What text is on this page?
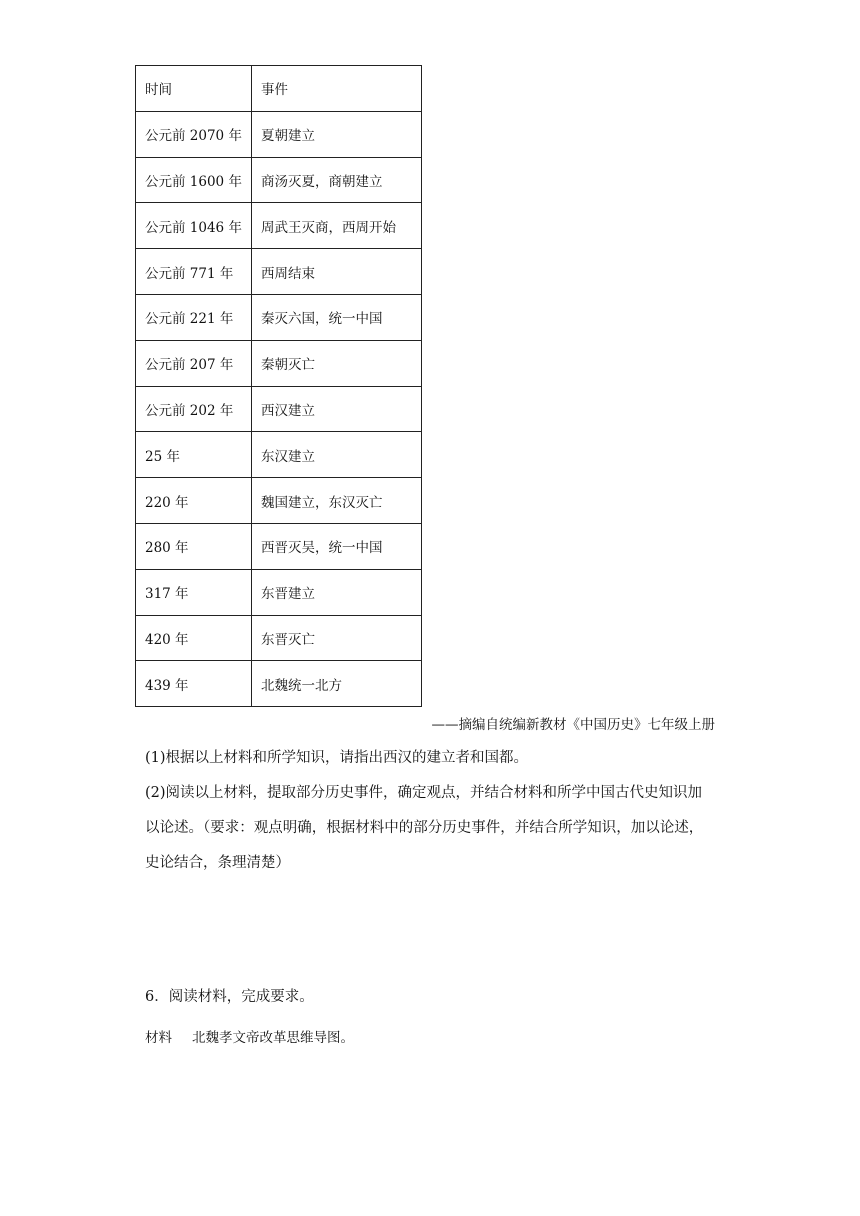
时间	事件
公元前 2070 年	夏朝建立
公元前 1600 年	商汤灭夏，商朝建立
公元前 1046 年	周武王灭商，西周开始
公元前 771 年	西周结束
公元前 221 年	秦灭六国，统一中国
公元前 207 年	秦朝灭亡
公元前 202 年	西汉建立
25 年	东汉建立
220 年	魏国建立，东汉灭亡
280 年	西晋灭吴，统一中国
317 年	东晋建立
420 年	东晋灭亡
439 年	北魏统一北方
——摘编自统编新教材《中国历史》七年级上册
(1)根据以上材料和所学知识，请指出西汉的建立者和国都。
(2)阅读以上材料，提取部分历史事件，确定观点，并结合材料和所学中国古代史知识加
以论述。（要求：观点明确，根据材料中的部分历史事件，并结合所学知识，加以论述，
史论结合，条理清楚）
6．阅读材料，完成要求。
材料 北魏孝文帝改革思维导图。
